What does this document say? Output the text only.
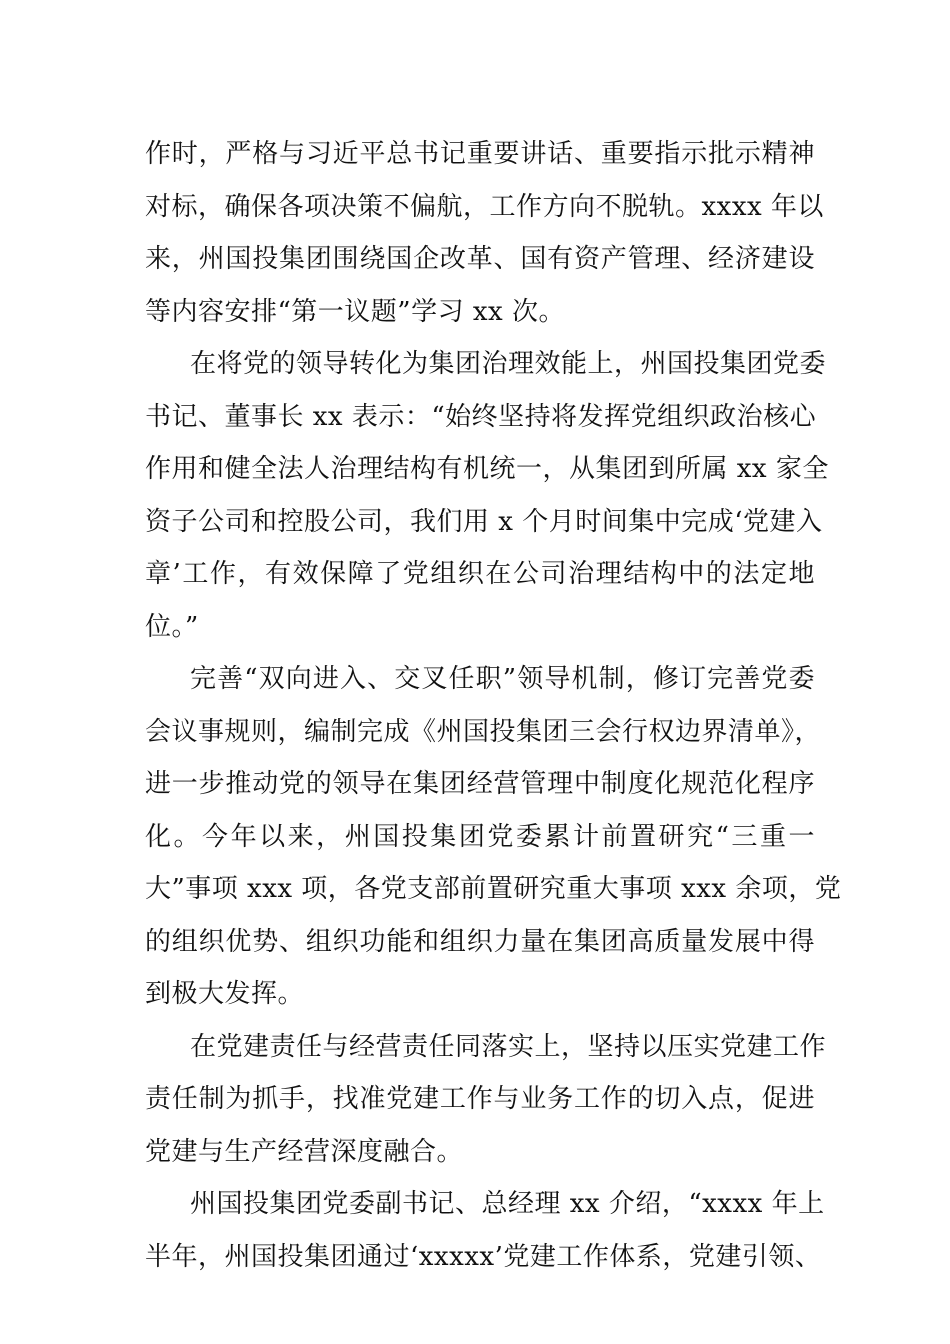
作时，严格与习近平总书记重要讲话、重要指示批示精神
对标，确保各项决策不偏航，工作方向不脱轨。xxxx 年以
来，州国投集团围绕国企改革、国有资产管理、经济建设
等内容安排“第一议题”学习 xx 次。
在将党的领导转化为集团治理效能上，州国投集团党委
书记、董事长 xx 表示：“始终坚持将发挥党组织政治核心
作用和健全法人治理结构有机统一，从集团到所属 xx 家全
资子公司和控股公司，我们用 x 个月时间集中完成‘党建入
章’工作，有效保障了党组织在公司治理结构中的法定地
位。”
完善“双向进入、交叉任职”领导机制，修订完善党委
会议事规则，编制完成《州国投集团三会行权边界清单》，
进一步推动党的领导在集团经营管理中制度化规范化程序
化。今年以来，州国投集团党委累计前置研究“三重一
大”事项 xxx 项，各党支部前置研究重大事项 xxx 余项，党
的组织优势、组织功能和组织力量在集团高质量发展中得
到极大发挥。
在党建责任与经营责任同落实上，坚持以压实党建工作
责任制为抓手，找准党建工作与业务工作的切入点，促进
党建与生产经营深度融合。
州国投集团党委副书记、总经理 xx 介绍，“xxxx 年上
半年，州国投集团通过‘xxxxx’党建工作体系，党建引领、
